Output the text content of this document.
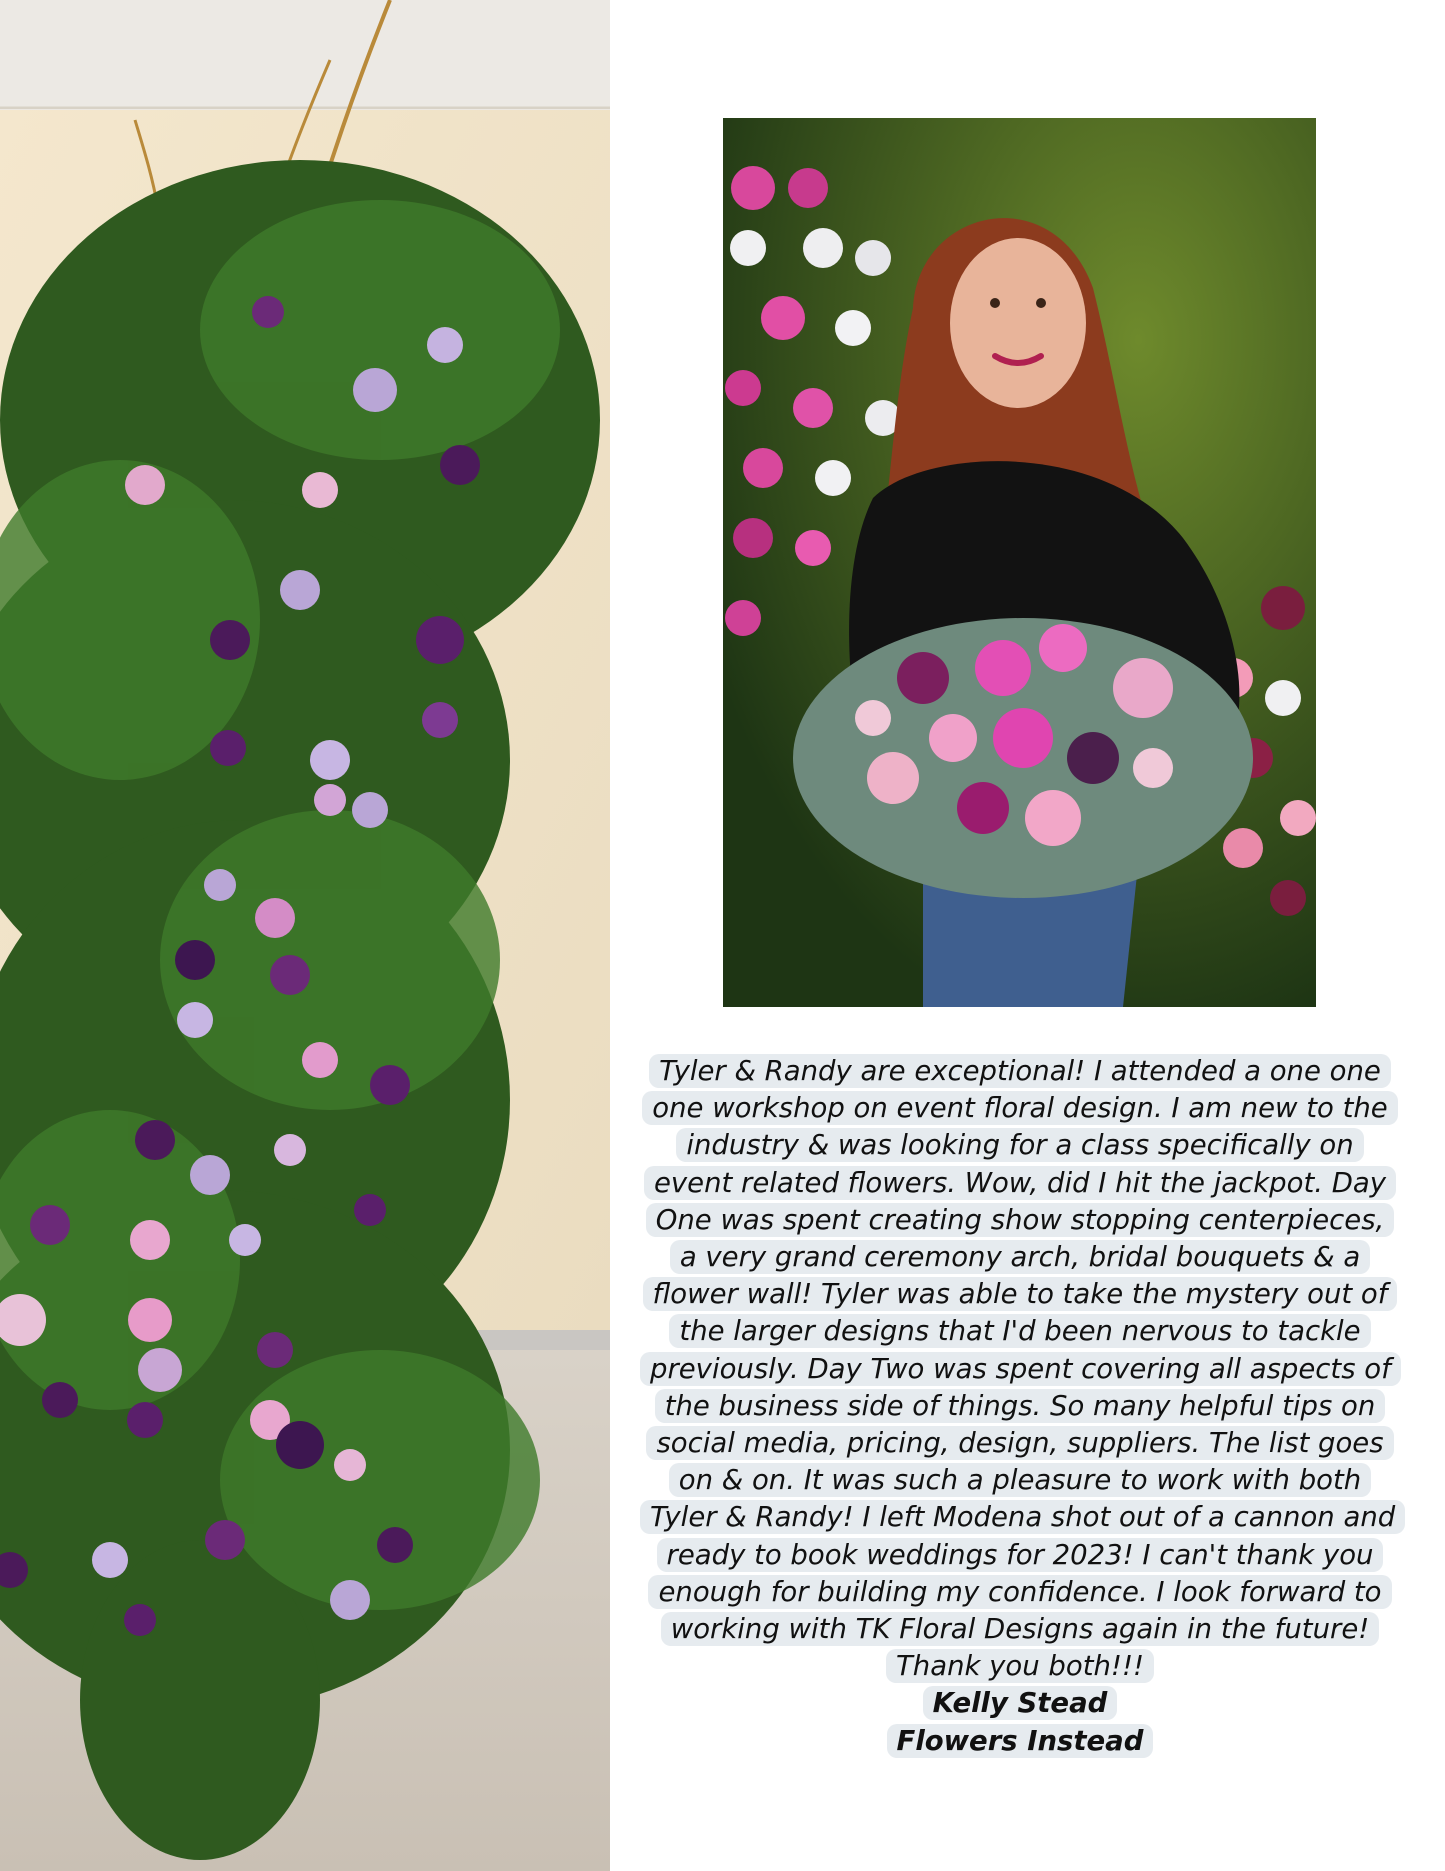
Tyler & Randy are exceptional! I attended a one one one workshop on event floral design. I am new to the industry & was looking for a class specifically on event related flowers. Wow, did I hit the jackpot. Day One was spent creating show stopping centerpieces, a very grand ceremony arch, bridal bouquets & a flower wall! Tyler was able to take the mystery out of the larger designs that I'd been nervous to tackle previously. Day Two was spent covering all aspects of the business side of things. So many helpful tips on social media, pricing, design, suppliers. The list goes on & on. It was such a pleasure to work with both Tyler & Randy! I left Modena shot out of a cannon and ready to book weddings for 2023! I can't thank you enough for building my confidence. I look forward to working with TK Floral Designs again in the future! Thank you both!!!
Kelly Stead
Flowers Instead
